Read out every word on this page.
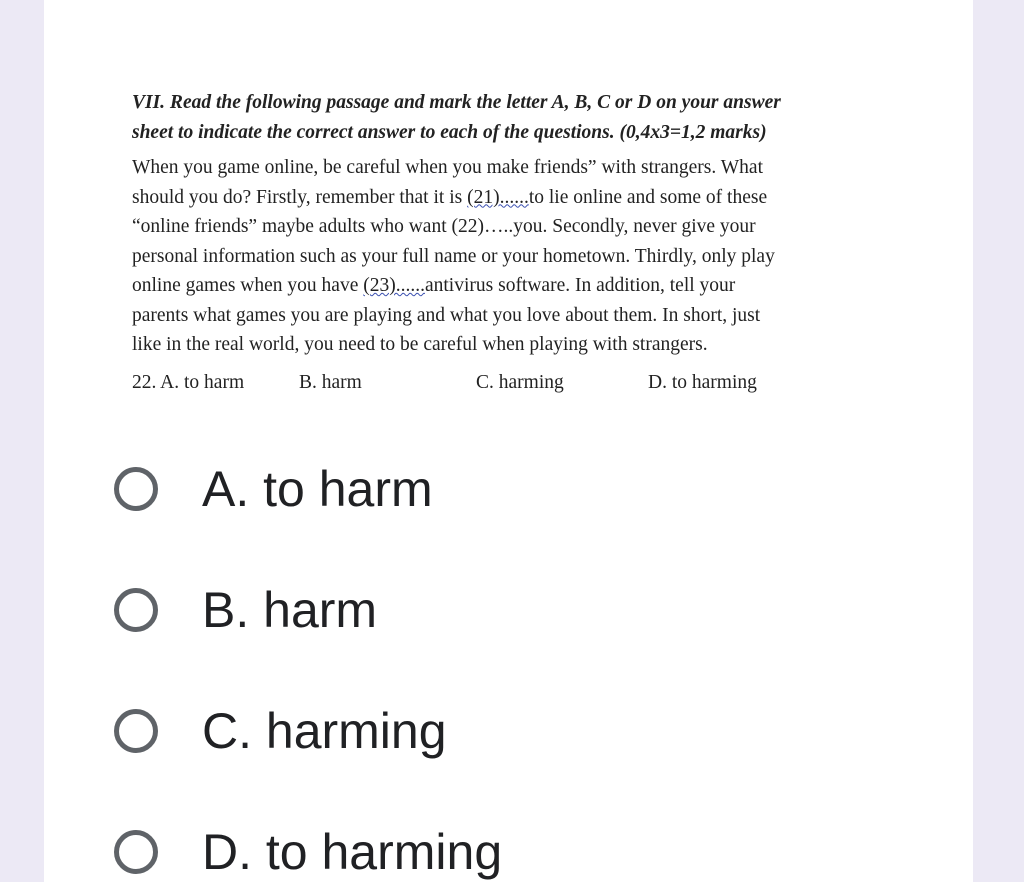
VII. Read the following passage and mark the letter A, B, C or D on your answer
sheet to indicate the correct answer to each of the questions. (0,4x3=1,2 marks)

When you game online, be careful when you make friends” with strangers. What
should you do? Firstly, remember that it is (21)......to lie online and some of these
“online friends” maybe adults who want (22)…..you. Secondly, never give your
personal information such as your full name or your hometown. Thirdly, only play
online games when you have (23)......antivirus software. In addition, tell your
parents what games you are playing and what you love about them. In short, just
like in the real world, you need to be careful when playing with strangers.

22. A. to harm	B. harm	C. harming	D. to harming
A. to harm
B. harm
C. harming
D. to harming
